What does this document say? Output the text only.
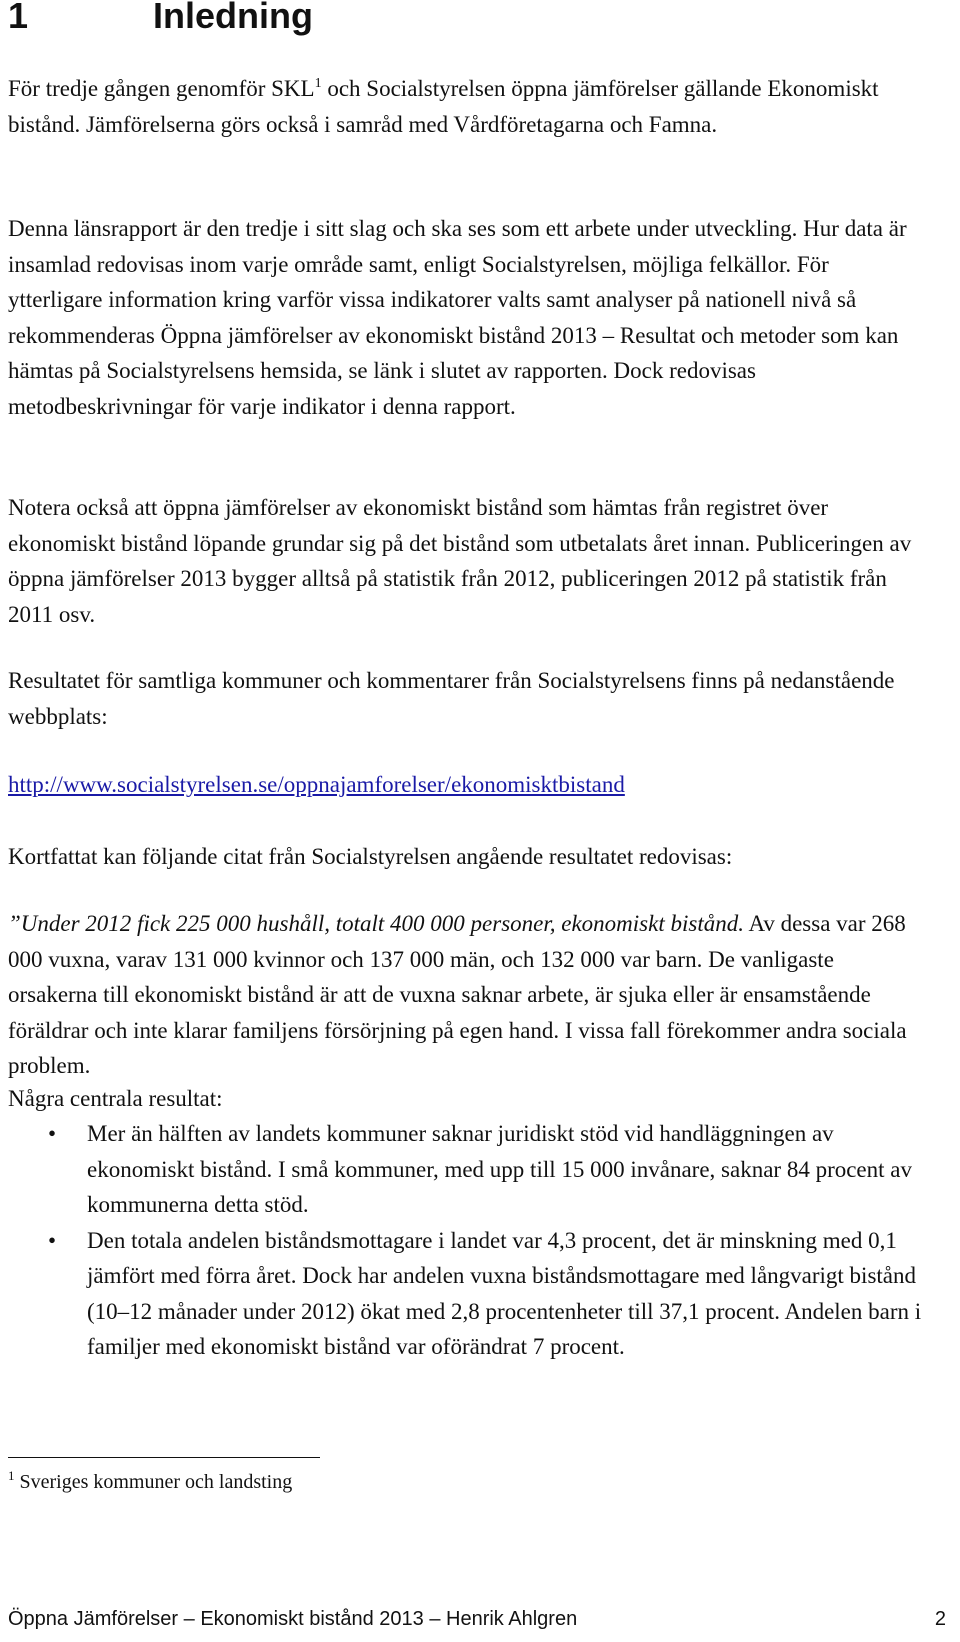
1	Inledning

För tredje gången genomför SKL$^1$ och Socialstyrelsen öppna jämförelser gällande Ekonomiskt bistånd. Jämförelserna görs också i samråd med Vårdföretagarna och Famna.

Denna länsrapport är den tredje i sitt slag och ska ses som ett arbete under utveckling. Hur data är insamlad redovisas inom varje område samt, enligt Socialstyrelsen, möjliga felkällor. För ytterligare information kring varför vissa indikatorer valts samt analyser på nationell nivå så rekommenderas Öppna jämförelser av ekonomiskt bistånd 2013 – Resultat och metoder som kan hämtas på Socialstyrelsens hemsida, se länk i slutet av rapporten. Dock redovisas metodbeskrivningar för varje indikator i denna rapport.

Notera också att öppna jämförelser av ekonomiskt bistånd som hämtas från registret över ekonomiskt bistånd löpande grundar sig på det bistånd som utbetalats året innan. Publiceringen av öppna jämförelser 2013 bygger alltså på statistik från 2012, publiceringen 2012 på statistik från 2011 osv.

Resultatet för samtliga kommuner och kommentarer från Socialstyrelsens finns på nedanstående webbplats:

http://www.socialstyrelsen.se/oppnajamforelser/ekonomisktbistand

Kortfattat kan följande citat från Socialstyrelsen angående resultatet redovisas:

”Under 2012 fick 225 000 hushåll, totalt 400 000 personer, ekonomiskt bistånd. Av dessa var 268 000 vuxna, varav 131 000 kvinnor och 137 000 män, och 132 000 var barn. De vanligaste orsakerna till ekonomiskt bistånd är att de vuxna saknar arbete, är sjuka eller är ensamstående föräldrar och inte klarar familjens försörjning på egen hand. I vissa fall förekommer andra sociala problem.

Några centrala resultat:

• Mer än hälften av landets kommuner saknar juridiskt stöd vid handläggningen av ekonomiskt bistånd. I små kommuner, med upp till 15 000 invånare, saknar 84 procent av kommunerna detta stöd.
• Den totala andelen biståndsmottagare i landet var 4,3 procent, det är minskning med 0,1 jämfört med förra året. Dock har andelen vuxna biståndsmottagare med långvarigt bistånd (10–12 månader under 2012) ökat med 2,8 procentenheter till 37,1 procent. Andelen barn i familjer med ekonomiskt bistånd var oförändrat 7 procent.
$^1$ Sveriges kommuner och landsting
Öppna Jämförelser – Ekonomiskt bistånd 2013 – Henrik Ahlgren	2
